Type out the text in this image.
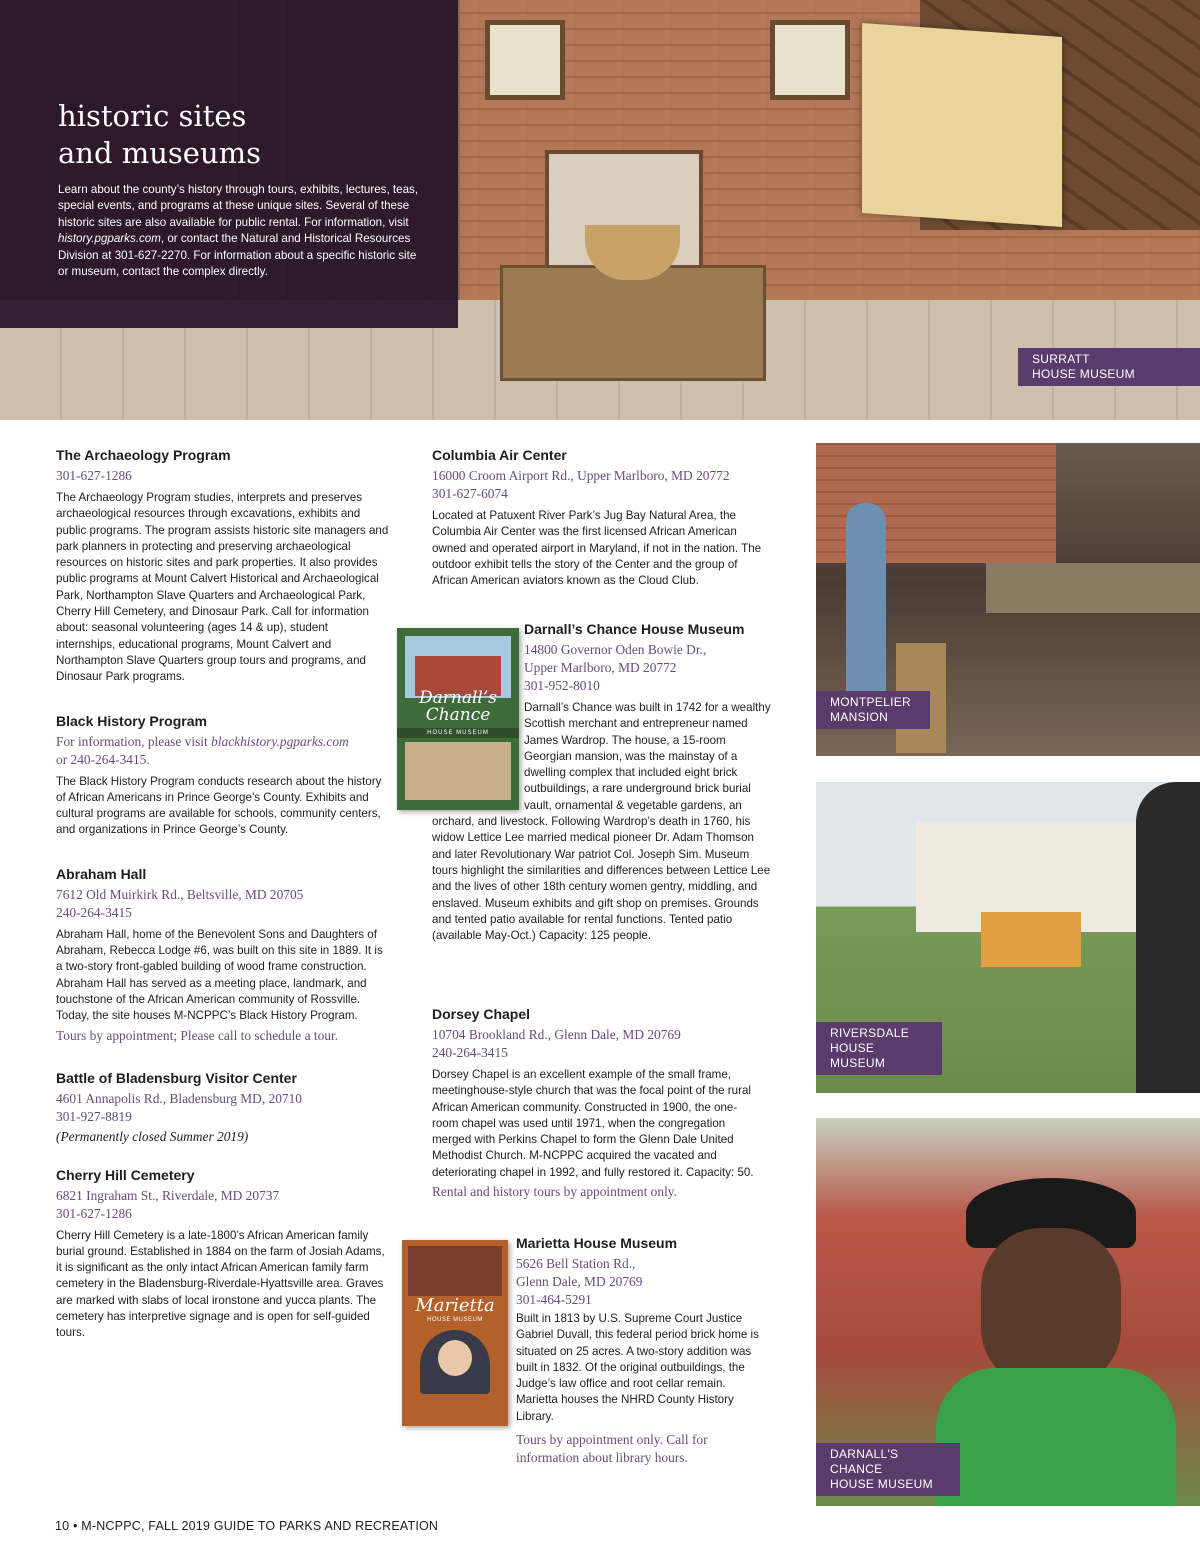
historic sites
and museums

Learn about the county’s history through tours, exhibits, lectures, teas, special events, and programs at these unique sites. Several of these historic sites are also available for public rental. For information, visit history.pgparks.com, or contact the Natural and Historical Resources Division at 301-627-2270. For information about a specific historic site or museum, contact the complex directly.

SURRATT
HOUSE MUSEUM
The Archaeology Program

301-627-1286

The Archaeology Program studies, interprets and preserves archaeological resources through excavations, exhibits and public programs. The program assists historic site managers and park planners in protecting and preserving archaeological resources on historic sites and park properties. It also provides public programs at Mount Calvert Historical and Archaeological Park, Northampton Slave Quarters and Archaeological Park, Cherry Hill Cemetery, and Dinosaur Park. Call for information about: seasonal volunteering (ages 14 & up), student internships, educational programs, Mount Calvert and Northampton Slave Quarters group tours and programs, and Dinosaur Park programs.

Black History Program

For information, please visit blackhistory.pgparks.com
or 240-264-3415.

The Black History Program conducts research about the history of African Americans in Prince George’s County. Exhibits and cultural programs are available for schools, community centers, and organizations in Prince George’s County.

Abraham Hall

7612 Old Muirkirk Rd., Beltsville, MD 20705

240-264-3415

Abraham Hall, home of the Benevolent Sons and Daughters of Abraham, Rebecca Lodge #6, was built on this site in 1889. It is a two-story front-gabled building of wood frame construction. Abraham Hall has served as a meeting place, landmark, and touchstone of the African American community of Rossville. Today, the site houses M-NCPPC’s Black History Program.

Tours by appointment; Please call to schedule a tour.

Battle of Bladensburg Visitor Center

4601 Annapolis Rd., Bladensburg MD, 20710

301-927-8819

(Permanently closed Summer 2019)

Cherry Hill Cemetery

6821 Ingraham St., Riverdale, MD 20737

301-627-1286

Cherry Hill Cemetery is a late-1800’s African American family burial ground. Established in 1884 on the farm of Josiah Adams, it is significant as the only intact African American family farm cemetery in the Bladensburg-Riverdale-Hyattsville area. Graves are marked with slabs of local ironstone and yucca plants. The cemetery has interpretive signage and is open for self-guided tours.

Columbia Air Center

16000 Croom Airport Rd., Upper Marlboro, MD 20772

301-627-6074

Located at Patuxent River Park’s Jug Bay Natural Area, the Columbia Air Center was the first licensed African American owned and operated airport in Maryland, if not in the nation. The outdoor exhibit tells the story of the Center and the group of African American aviators known as the Cloud Club.

Darnall’s
Chance
HOUSE MUSEUM
Darnall’s Chance House Museum

14800 Governor Oden Bowie Dr.,
Upper Marlboro, MD 20772

301-952-8010

Darnall’s Chance was built in 1742 for a wealthy Scottish merchant and entrepreneur named James Wardrop. The house, a 15-room Georgian mansion, was the mainstay of a dwelling complex that included eight brick outbuildings, a rare underground brick burial vault, ornamental & vegetable gardens, an orchard, and livestock. Following Wardrop’s death in 1760, his widow Lettice Lee married medical pioneer Dr. Adam Thomson and later Revolutionary War patriot Col. Joseph Sim. Museum tours highlight the similarities and differences between Lettice Lee and the lives of other 18th century women gentry, middling, and enslaved. Museum exhibits and gift shop on premises. Grounds and tented patio available for rental functions. Tented patio (available May-Oct.) Capacity: 125 people.

Dorsey Chapel

10704 Brookland Rd., Glenn Dale, MD 20769

240-264-3415

Dorsey Chapel is an excellent example of the small frame, meetinghouse-style church that was the focal point of the rural African American community. Constructed in 1900, the one-room chapel was used until 1971, when the congregation merged with Perkins Chapel to form the Glenn Dale United Methodist Church. M-NCPPC acquired the vacated and deteriorating chapel in 1992, and fully restored it. Capacity: 50.

Rental and history tours by appointment only.

Marietta
HOUSE MUSEUM
Marietta House Museum

5626 Bell Station Rd.,
Glenn Dale, MD 20769

301-464-5291

Built in 1813 by U.S. Supreme Court Justice Gabriel Duvall, this federal period brick home is situated on 25 acres. A two-story addition was built in 1832. Of the original outbuildings, the Judge’s law office and root cellar remain. Marietta houses the NHRD County History Library.

Tours by appointment only. Call for information about library hours.

MONTPELIER
MANSION
RIVERSDALE
HOUSE MUSEUM
DARNALL'S CHANCE
HOUSE MUSEUM
10 • M-NCPPC, FALL 2019 GUIDE TO PARKS AND RECREATION
